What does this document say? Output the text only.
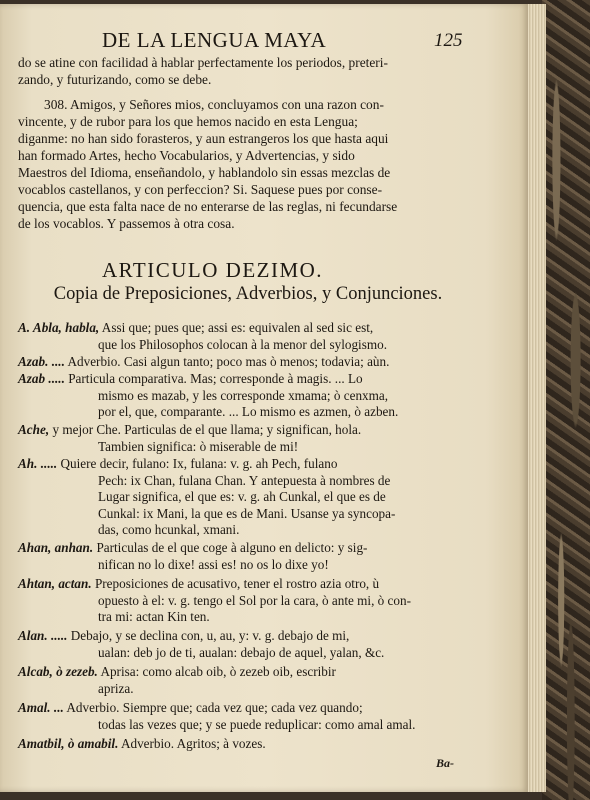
DE LA LENGUA MAYA	125
do se atine con facilidad à hablar perfectamente los periodos, preteri-
zando, y futurizando, como se debe.
308. Amigos, y Señores mios, concluyamos con una razon con-
vincente, y de rubor para los que hemos nacido en esta Lengua;
diganme: no han sido forasteros, y aun estrangeros los que hasta aqui
han formado Artes, hecho Vocabularios, y Advertencias, y sido
Maestros del Idioma, enseñandolo, y hablandolo sin essas mezclas de
vocablos castellanos, y con perfeccion? Si. Saquese pues por conse-
quencia, que esta falta nace de no enterarse de las reglas, ni fecundarse
de los vocablos. Y passemos à otra cosa.
ARTICULO DEZIMO.
Copia de Preposiciones, Adverbios, y Conjunciones.
A. Abla, habla, Assi que; pues que; assi es: equivalen al sed sic est,
que los Philosophos colocan à la menor del sylogismo.
Azab. .... Adverbio. Casi algun tanto; poco mas ò menos; todavia; aùn.
Azab ..... Particula comparativa. Mas; corresponde à magis. ... Lo
mismo es mazab, y les corresponde xmama; ò cenxma,
por el, que, comparante. ... Lo mismo es azmen, ò azben.
Ache, y mejor Che. Particulas de el que llama; y significan, hola.
Tambien significa: ò miserable de mi!
Ah. ..... Quiere decir, fulano: Ix, fulana: v. g. ah Pech, fulano
Pech: ix Chan, fulana Chan. Y antepuesta à nombres de
Lugar significa, el que es: v. g. ah Cunkal, el que es de
Cunkal: ix Mani, la que es de Mani. Usanse ya syncopa-
das, como hcunkal, xmani.
Ahan, anhan. Particulas de el que coge à alguno en delicto: y sig-
nifican no lo dixe! assi es! no os lo dixe yo!
Ahtan, actan. Preposiciones de acusativo, tener el rostro azia otro, ù
opuesto à el: v. g. tengo el Sol por la cara, ò ante mi, ò con-
tra mi: actan Kin ten.
Alan. ..... Debajo, y se declina con, u, au, y: v. g. debajo de mi,
ualan: deb jo de ti, aualan: debajo de aquel, yalan, &c.
Alcab, ò zezeb. Aprisa: como alcab oib, ò zezeb oib, escribir
apriza.
Amal. ... Adverbio. Siempre que; cada vez que; cada vez quando;
todas las vezes que; y se puede reduplicar: como amal amal.
Amatbil, ò amabil. Adverbio. Agritos; à vozes.
Ba-
